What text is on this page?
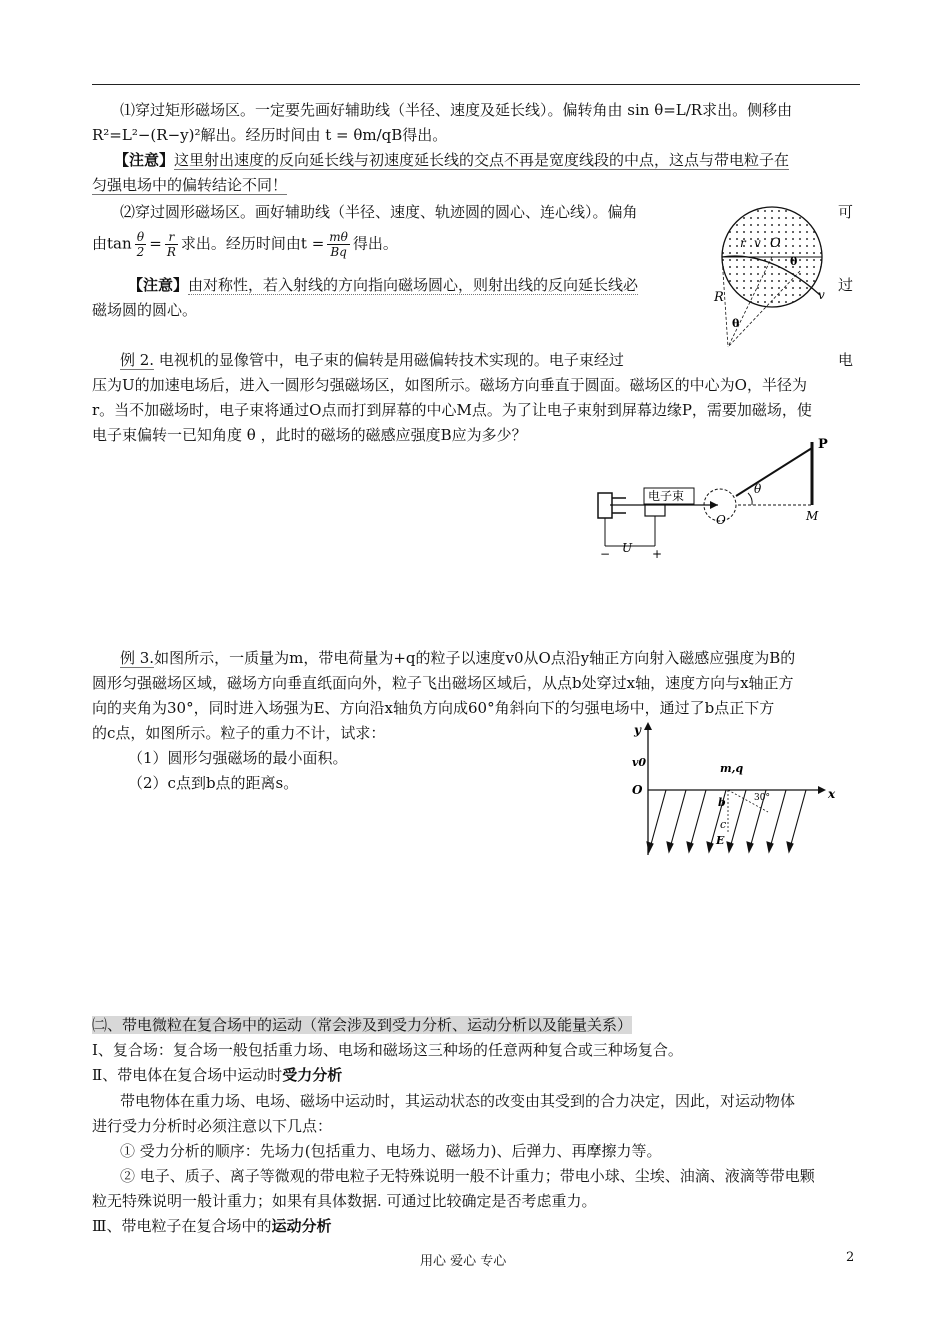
⑴穿过矩形磁场区。一定要先画好辅助线（半径、速度及延长线）。偏转角由 sin θ=L/R求出。侧移由
R²=L²−(R−y)²解出。经历时间由 t = θm/qB得出。
【注意】这里射出速度的反向延长线与初速度延长线的交点不再是宽度线段的中点，这点与带电粒子在
匀强电场中的偏转结论不同！
⑵穿过圆形磁场区。画好辅助线（半径、速度、轨迹圆的圆心、连心线）。偏角	可
由$\tan \frac{\theta}{2} = \frac{r}{R}$ 求出。经历时间由$t = \frac{m\theta}{Bq}$ 得出。
【注意】由对称性，若入射线的方向指向磁场圆心，则射出线的反向延长线必	过
磁场圆的圆心。
r v O
θ
v
R
θ
例 2. 电视机的显像管中，电子束的偏转是用磁偏转技术实现的。电子束经过	电
压为U的加速电场后，进入一圆形匀强磁场区，如图所示。磁场方向垂直于圆面。磁场区的中心为O，半径为
r。当不加磁场时，电子束将通过O点而打到屏幕的中心M点。为了让电子束射到屏幕边缘P，需要加磁场，使
电子束偏转一已知角度 θ ，此时的磁场的磁感应强度B应为多少？
电子束
P
θ
O	M
− U +
例 3.如图所示，一质量为m，带电荷量为+q的粒子以速度v0从O点沿y轴正方向射入磁感应强度为B的
圆形匀强磁场区域，磁场方向垂直纸面向外，粒子飞出磁场区域后，从点b处穿过x轴，速度方向与x轴正方
向的夹角为30°，同时进入场强为E、方向沿x轴负方向成60°角斜向下的匀强电场中，通过了b点正下方
的c点，如图所示。粒子的重力不计，试求：
（1）圆形匀强磁场的最小面积。
（2）c点到b点的距离s。
y
v0
O	x
m,q
b	30°
c
E
㈡、带电微粒在复合场中的运动（常会涉及到受力分析、运动分析以及能量关系）
Ⅰ、复合场：复合场一般包括重力场、电场和磁场这三种场的任意两种复合或三种场复合。
Ⅱ、带电体在复合场中运动时受力分析
带电物体在重力场、电场、磁场中运动时，其运动状态的改变由其受到的合力决定，因此，对运动物体
进行受力分析时必须注意以下几点：
① 受力分析的顺序：先场力(包括重力、电场力、磁场力)、后弹力、再摩擦力等。
② 电子、质子、离子等微观的带电粒子无特殊说明一般不计重力；带电小球、尘埃、油滴、液滴等带电颗
粒无特殊说明一般计重力；如果有具体数据. 可通过比较确定是否考虑重力。
Ⅲ、带电粒子在复合场中的运动分析
用心 爱心 专心	2
